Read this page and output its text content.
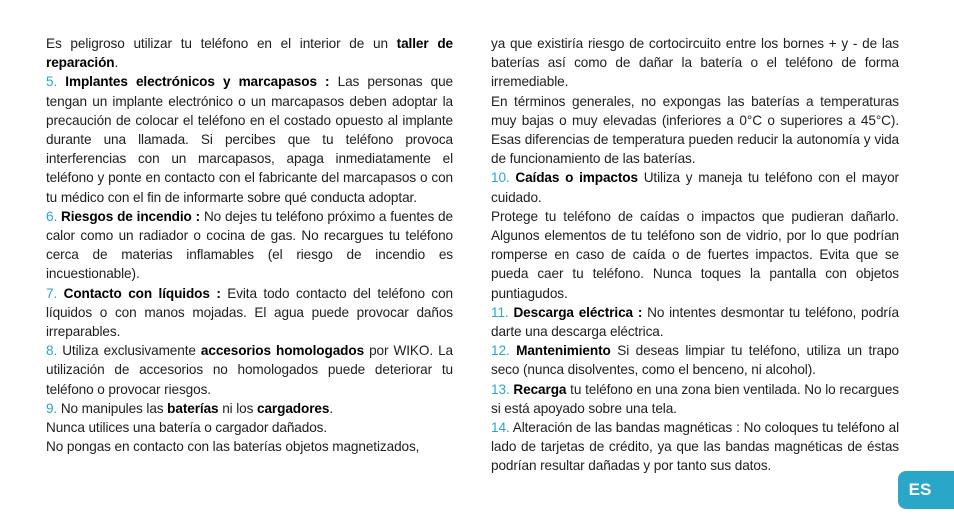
Es peligroso utilizar tu teléfono en el interior de un taller de reparación.

5. Implantes electrónicos y marcapasos : Las personas que tengan un implante electrónico o un marcapasos deben adoptar la precaución de colocar el teléfono en el costado opuesto al implante durante una llamada. Si percibes que tu teléfono provoca interferencias con un marcapasos, apaga inmediatamente el teléfono y ponte en contacto con el fabricante del marcapasos o con tu médico con el fin de informarte sobre qué conducta adoptar.

6. Riesgos de incendio : No dejes tu teléfono próximo a fuentes de calor como un radiador o cocina de gas. No recargues tu teléfono cerca de materias inflamables (el riesgo de incendio es incuestionable).

7. Contacto con líquidos : Evita todo contacto del teléfono con líquidos o con manos mojadas. El agua puede provocar daños irreparables.

8. Utiliza exclusivamente accesorios homologados por WIKO. La utilización de accesorios no homologados puede deteriorar tu teléfono o provocar riesgos.

9. No manipules las baterías ni los cargadores.

Nunca utilices una batería o cargador dañados.

No pongas en contacto con las baterías objetos magnetizados,

ya que existiría riesgo de cortocircuito entre los bornes + y - de las baterías así como de dañar la batería o el teléfono de forma irremediable.

En términos generales, no expongas las baterías a temperaturas muy bajas o muy elevadas (inferiores a 0°C o superiores a 45°C). Esas diferencias de temperatura pueden reducir la autonomía y vida de funcionamiento de las baterías.

10. Caídas o impactos Utiliza y maneja tu teléfono con el mayor cuidado.

Protege tu teléfono de caídas o impactos que pudieran dañarlo. Algunos elementos de tu teléfono son de vidrio, por lo que podrían romperse en caso de caída o de fuertes impactos. Evita que se pueda caer tu teléfono. Nunca toques la pantalla con objetos puntiagudos.

11. Descarga eléctrica : No intentes desmontar tu teléfono, podría darte una descarga eléctrica.

12. Mantenimiento Si deseas limpiar tu teléfono, utiliza un trapo seco (nunca disolventes, como el benceno, ni alcohol).

13. Recarga tu teléfono en una zona bien ventilada. No lo recargues si está apoyado sobre una tela.

14. Alteración de las bandas magnéticas : No coloques tu teléfono al lado de tarjetas de crédito, ya que las bandas magnéticas de éstas podrían resultar dañadas y por tanto sus datos.

ES
